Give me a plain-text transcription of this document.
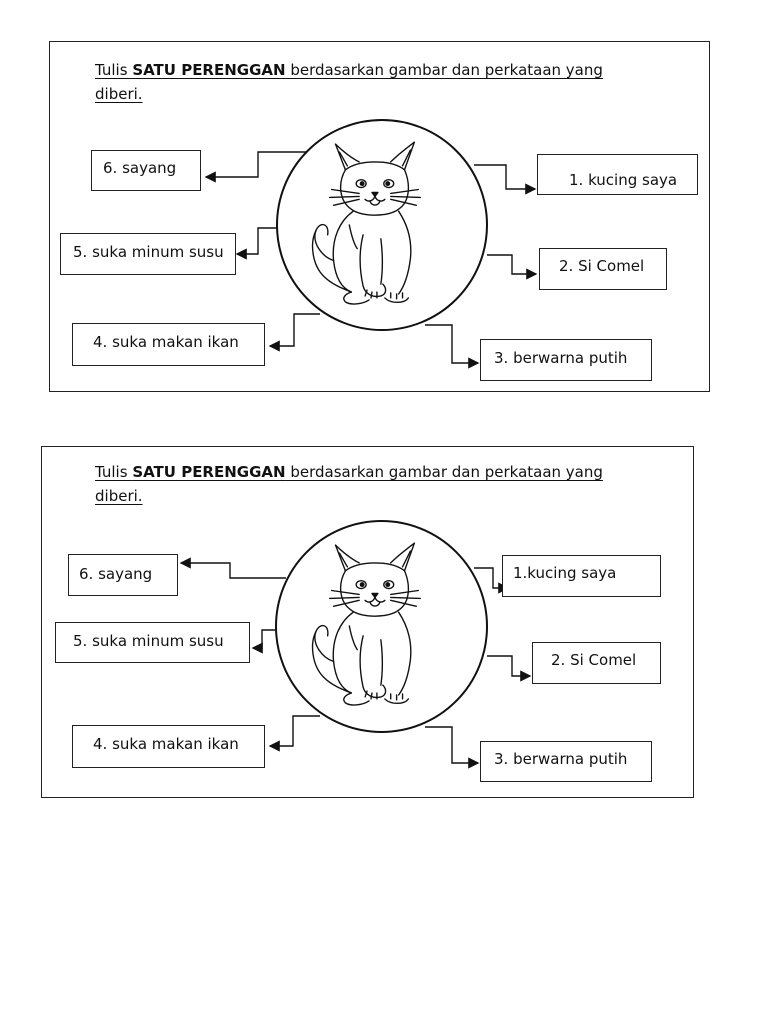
Tulis SATU PERENGGAN berdasarkan gambar dan perkataan yang
diberi.
6. sayang
5. suka minum susu
4. suka makan ikan
1. kucing saya
2. Si Comel
3. berwarna putih
Tulis SATU PERENGGAN berdasarkan gambar dan perkataan yang
diberi.
6. sayang
5. suka minum susu
4. suka makan ikan
1.kucing saya
2. Si Comel
3. berwarna putih
